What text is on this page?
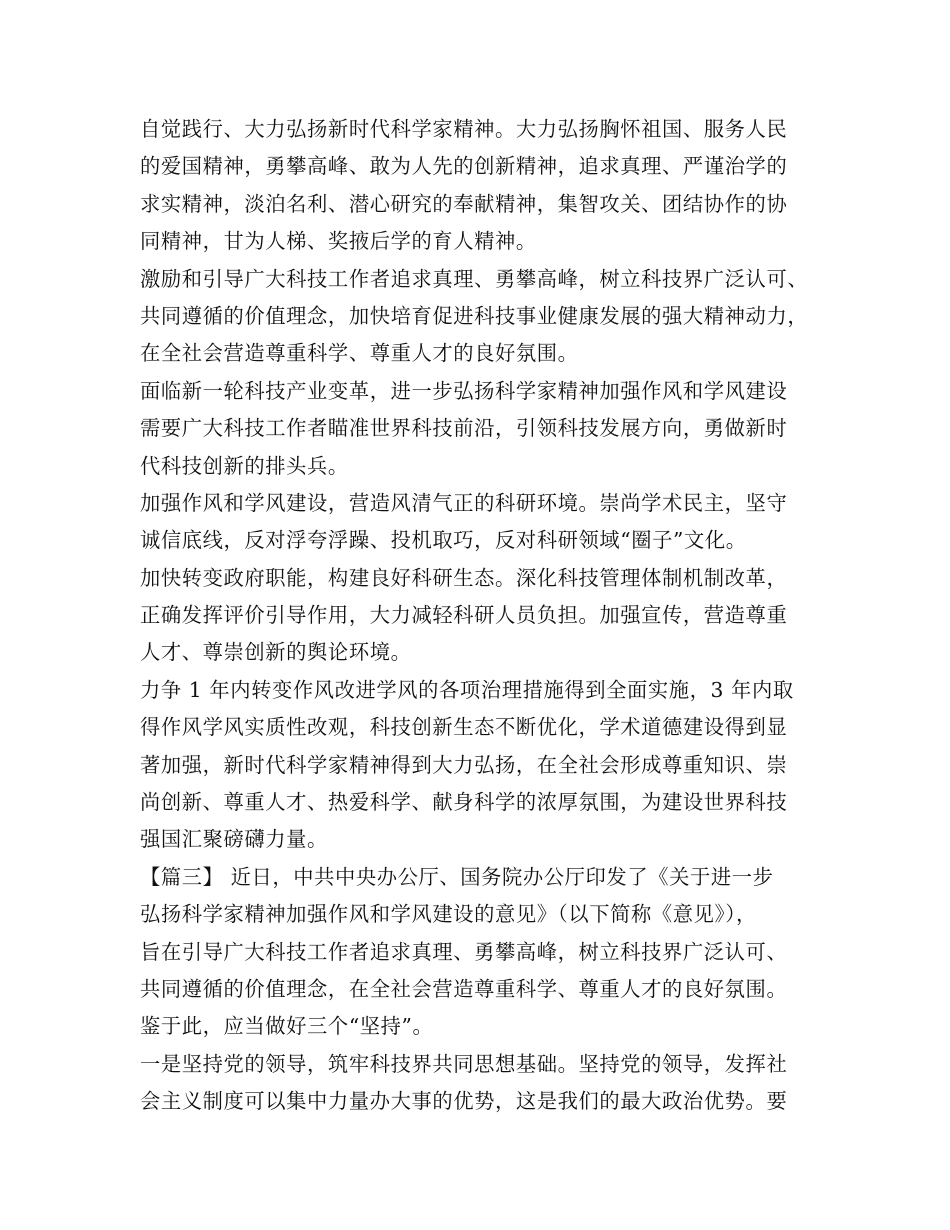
自觉践行、大力弘扬新时代科学家精神。大力弘扬胸怀祖国、服务人民
的爱国精神，勇攀高峰、敢为人先的创新精神，追求真理、严谨治学的
求实精神，淡泊名利、潜心研究的奉献精神，集智攻关、团结协作的协
同精神，甘为人梯、奖掖后学的育人精神。
激励和引导广大科技工作者追求真理、勇攀高峰，树立科技界广泛认可、
共同遵循的价值理念，加快培育促进科技事业健康发展的强大精神动力，
在全社会营造尊重科学、尊重人才的良好氛围。
面临新一轮科技产业变革，进一步弘扬科学家精神加强作风和学风建设
需要广大科技工作者瞄准世界科技前沿，引领科技发展方向，勇做新时
代科技创新的排头兵。
加强作风和学风建设，营造风清气正的科研环境。崇尚学术民主，坚守
诚信底线，反对浮夸浮躁、投机取巧，反对科研领域“圈子”文化。
加快转变政府职能，构建良好科研生态。深化科技管理体制机制改革，
正确发挥评价引导作用，大力减轻科研人员负担。加强宣传，营造尊重
人才、尊崇创新的舆论环境。
力争 1 年内转变作风改进学风的各项治理措施得到全面实施，3 年内取
得作风学风实质性改观，科技创新生态不断优化，学术道德建设得到显
著加强，新时代科学家精神得到大力弘扬，在全社会形成尊重知识、崇
尚创新、尊重人才、热爱科学、献身科学的浓厚氛围，为建设世界科技
强国汇聚磅礴力量。
【篇三】 近日，中共中央办公厅、国务院办公厅印发了《关于进一步
弘扬科学家精神加强作风和学风建设的意见》（以下简称《意见》），
旨在引导广大科技工作者追求真理、勇攀高峰，树立科技界广泛认可、
共同遵循的价值理念，在全社会营造尊重科学、尊重人才的良好氛围。
鉴于此，应当做好三个“坚持”。
一是坚持党的领导，筑牢科技界共同思想基础。坚持党的领导，发挥社
会主义制度可以集中力量办大事的优势，这是我们的最大政治优势。要
